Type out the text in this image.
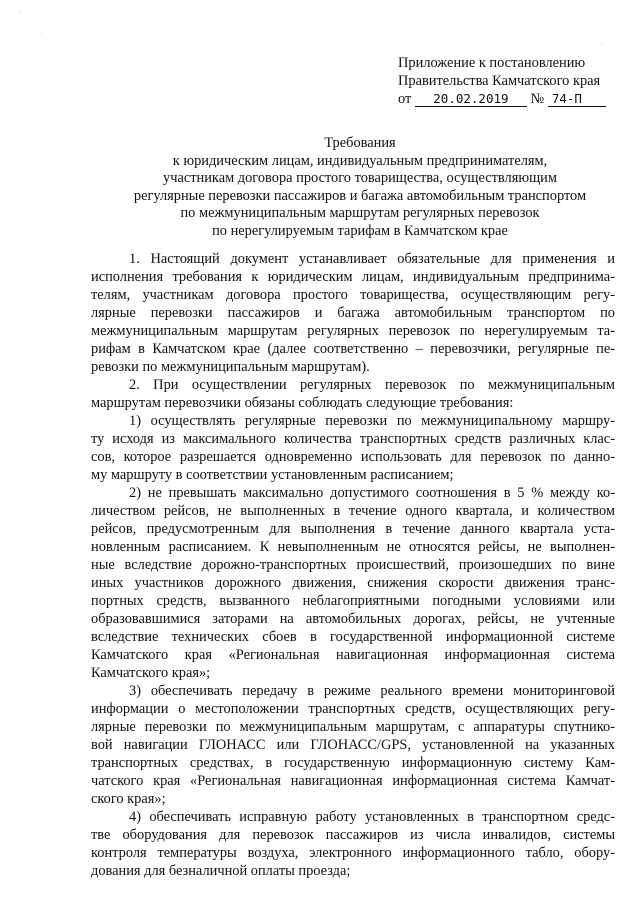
·
·
·
Приложение к постановлению
Правительства Камчатского края
от 20.02.2019 № 74-П
Требования
к юридическим лицам, индивидуальным предпринимателям,
участникам договора простого товарищества, осуществляющим
регулярные перевозки пассажиров и багажа автомобильным транспортом
по межмуниципальным маршрутам регулярных перевозок
по нерегулируемым тарифам в Камчатском крае
1. Настоящий документ устанавливает обязательные для применения и
исполнения требования к юридическим лицам, индивидуальным предпринима-
телям, участникам договора простого товарищества, осуществляющим регу-
лярные перевозки пассажиров и багажа автомобильным транспортом по
межмуниципальным маршрутам регулярных перевозок по нерегулируемым та-
рифам в Камчатском крае (далее соответственно – перевозчики, регулярные пе-
ревозки по межмуниципальным маршрутам).
2. При осуществлении регулярных перевозок по межмуниципальным
маршрутам перевозчики обязаны соблюдать следующие требования:
1) осуществлять регулярные перевозки по межмуниципальному маршру-
ту исходя из максимального количества транспортных средств различных клас-
сов, которое разрешается одновременно использовать для перевозок по данно-
му маршруту в соответствии установленным расписанием;
2) не превышать максимально допустимого соотношения в 5 % между ко-
личеством рейсов, не выполненных в течение одного квартала, и количеством
рейсов, предусмотренным для выполнения в течение данного квартала уста-
новленным расписанием. К невыполненным не относятся рейсы, не выполнен-
ные вследствие дорожно-транспортных происшествий, произошедших по вине
иных участников дорожного движения, снижения скорости движения транс-
портных средств, вызванного неблагоприятными погодными условиями или
образовавшимися заторами на автомобильных дорогах, рейсы, не учтенные
вследствие технических сбоев в государственной информационной системе
Камчатского края «Региональная навигационная информационная система
Камчатского края»;
3) обеспечивать передачу в режиме реального времени мониторинговой
информации о местоположении транспортных средств, осуществляющих регу-
лярные перевозки по межмуниципальным маршрутам, с аппаратуры спутнико-
вой навигации ГЛОНАСС или ГЛОНАСС/GPS, установленной на указанных
транспортных средствах, в государственную информационную систему Кам-
чатского края «Региональная навигационная информационная система Камчат-
ского края»;
4) обеспечивать исправную работу установленных в транспортном средс-
тве оборудования для перевозок пассажиров из числа инвалидов, системы
контроля температуры воздуха, электронного информационного табло, обору-
дования для безналичной оплаты проезда;
